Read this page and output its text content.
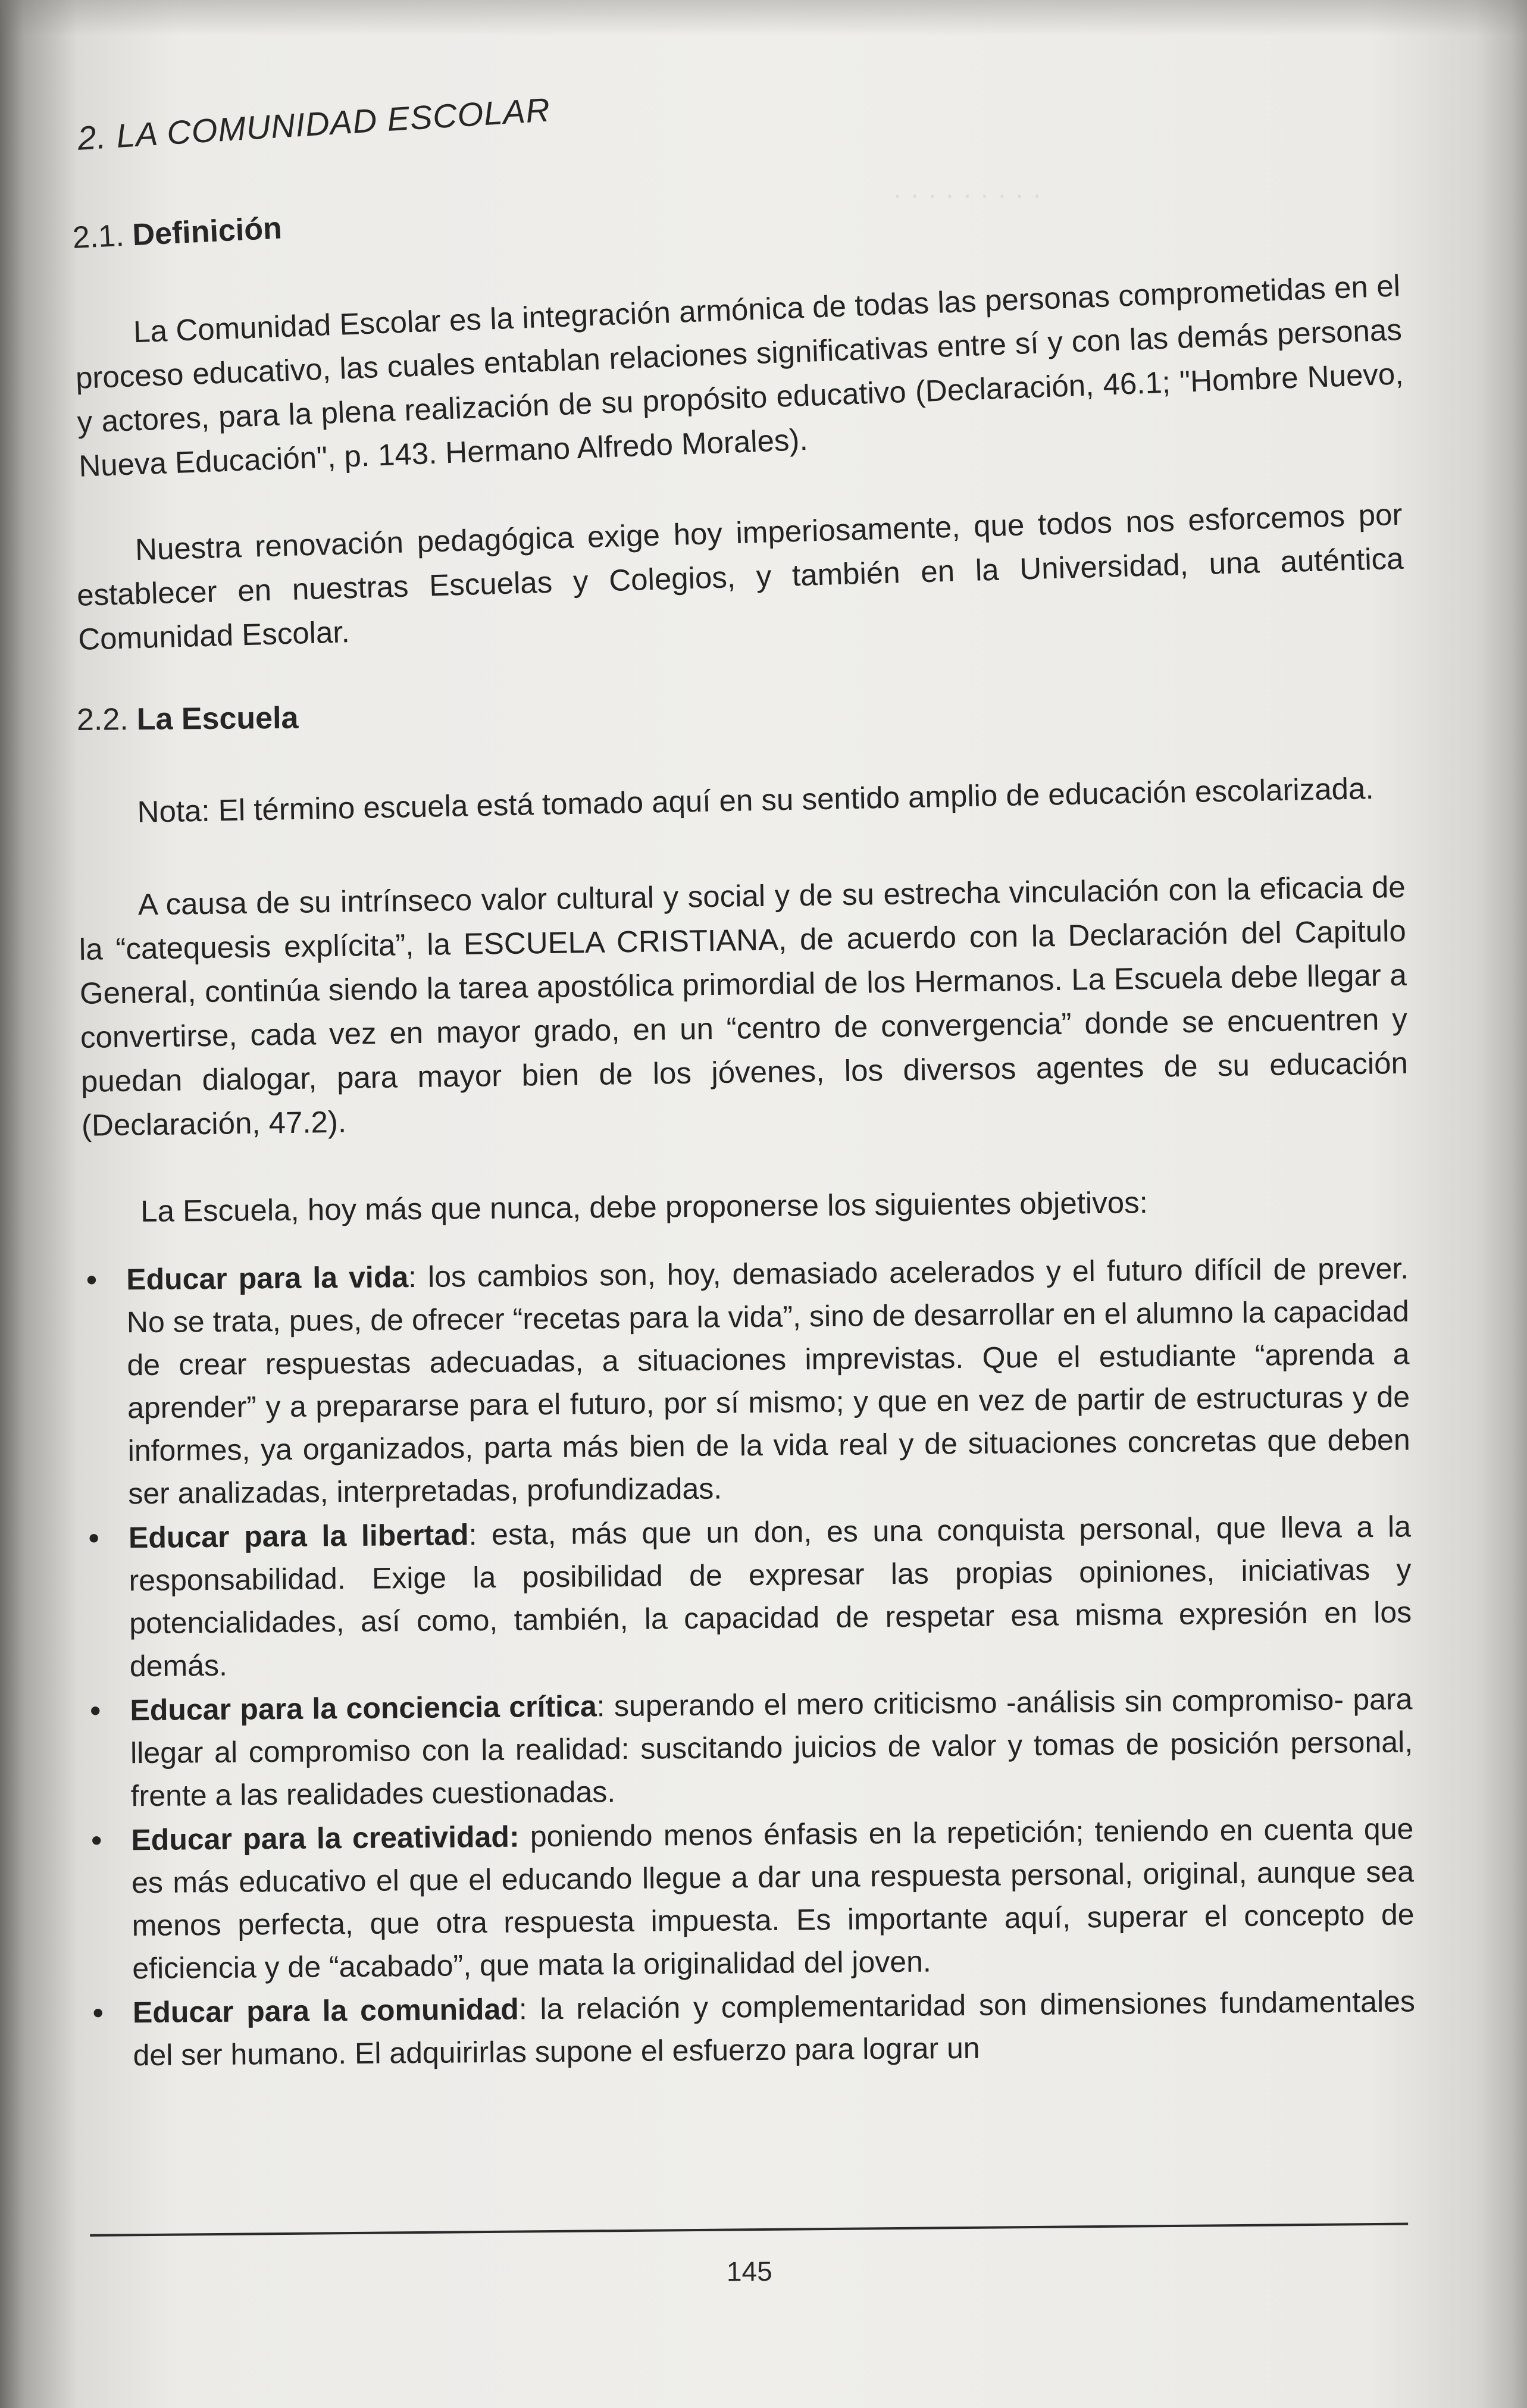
· · · · · · · · ·
2. LA COMUNIDAD ESCOLAR
2.1. Definición
La Comunidad Escolar es la integración armónica de todas las personas comprometidas en el proceso educativo, las cuales entablan relaciones significativas entre sí y con las demás personas y actores, para la plena realización de su propósito educativo (Declaración, 46.1; "Hombre Nuevo, Nueva Educación", p. 143. Hermano Alfredo Morales).
Nuestra renovación pedagógica exige hoy imperiosamente, que todos nos esforcemos por establecer en nuestras Escuelas y Colegios, y también en la Universidad, una auténtica Comunidad Escolar.
2.2. La Escuela
Nota: El término escuela está tomado aquí en su sentido amplio de educación escolarizada.
A causa de su intrínseco valor cultural y social y de su estrecha vinculación con la eficacia de la “catequesis explícita”, la ESCUELA CRISTIANA, de acuerdo con la Declaración del Capitulo General, continúa siendo la tarea apostólica primordial de los Hermanos. La Escuela debe llegar a convertirse, cada vez en mayor grado, en un “centro de convergencia” donde se encuentren y puedan dialogar, para mayor bien de los jóvenes, los diversos agentes de su educación (Declaración, 47.2).
La Escuela, hoy más que nunca, debe proponerse los siguientes objetivos:
• Educar para la vida: los cambios son, hoy, demasiado acelerados y el futuro difícil de prever. No se trata, pues, de ofrecer “recetas para la vida”, sino de desarrollar en el alumno la capacidad de crear respuestas adecuadas, a situaciones imprevistas. Que el estudiante “aprenda a aprender” y a prepararse para el futuro, por sí mismo; y que en vez de partir de estructuras y de informes, ya organizados, parta más bien de la vida real y de situaciones concretas que deben ser analizadas, interpretadas, profundizadas.
• Educar para la libertad: esta, más que un don, es una conquista personal, que lleva a la responsabilidad. Exige la posibilidad de expresar las propias opiniones, iniciativas y potencialidades, así como, también, la capacidad de respetar esa misma expresión en los demás.
• Educar para la conciencia crítica: superando el mero criticismo -análisis sin compromiso- para llegar al compromiso con la realidad: suscitando juicios de valor y tomas de posición personal, frente a las realidades cuestionadas.
• Educar para la creatividad: poniendo menos énfasis en la repetición; teniendo en cuenta que es más educativo el que el educando llegue a dar una respuesta personal, original, aunque sea menos perfecta, que otra respuesta impuesta. Es importante aquí, superar el concepto de eficiencia y de “acabado”, que mata la originalidad del joven.
• Educar para la comunidad: la relación y complementaridad son dimensiones fundamentales del ser humano. El adquirirlas supone el esfuerzo para lograr un
145
